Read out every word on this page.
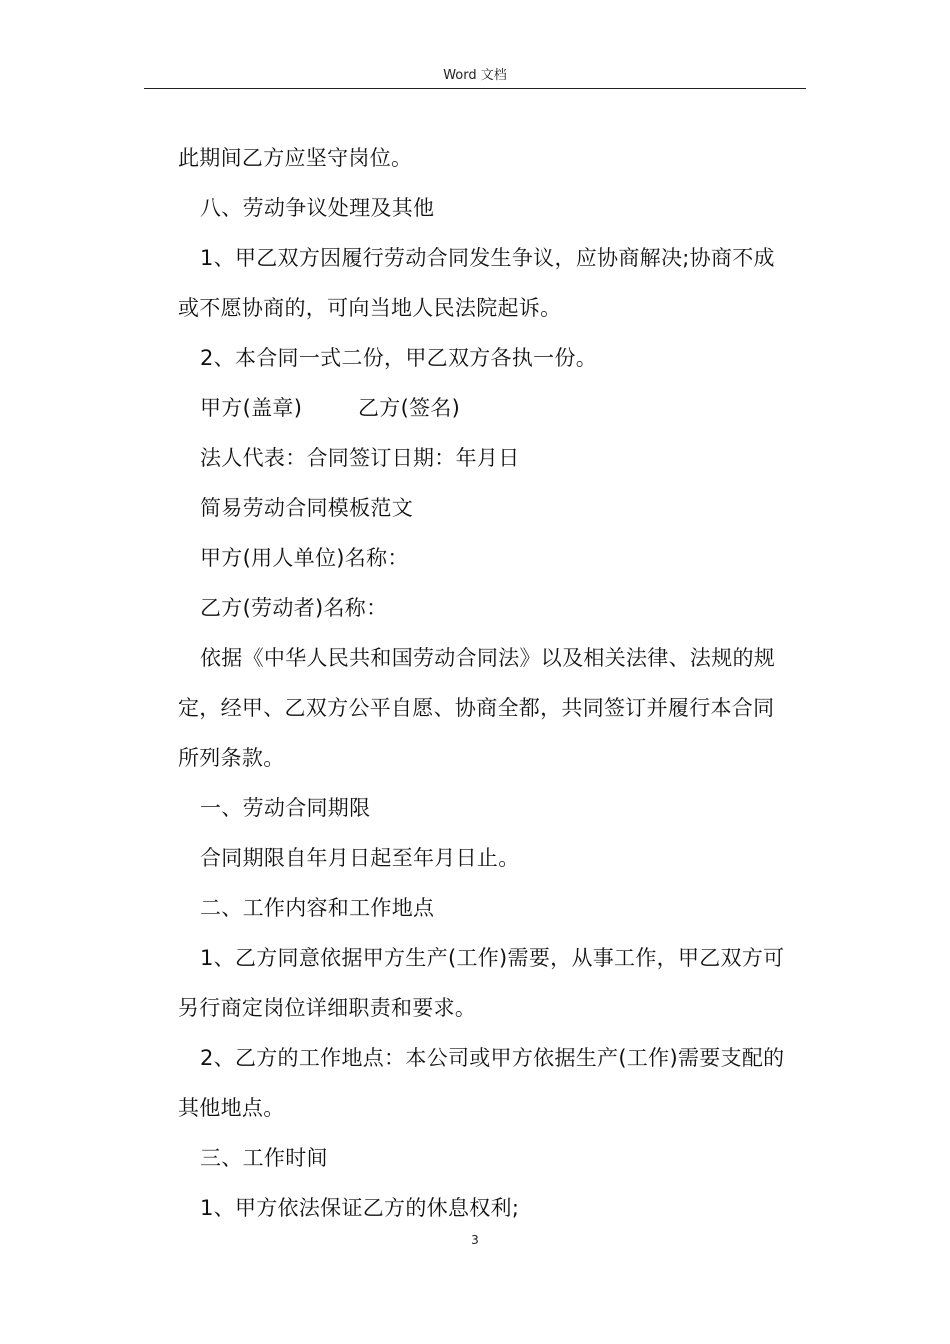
Word 文档

此期间乙方应坚守岗位。

八、劳动争议处理及其他

1、甲乙双方因履行劳动合同发生争议，应协商解决;协商不成

或不愿协商的，可向当地人民法院起诉。

2、本合同一式二份，甲乙双方各执一份。

甲方(盖章)        乙方(签名)

法人代表：合同签订日期：年月日

简易劳动合同模板范文

甲方(用人单位)名称：

乙方(劳动者)名称：

依据《中华人民共和国劳动合同法》以及相关法律、法规的规

定，经甲、乙双方公平自愿、协商全都，共同签订并履行本合同

所列条款。

一、劳动合同期限

合同期限自年月日起至年月日止。

二、工作内容和工作地点

1、乙方同意依据甲方生产(工作)需要，从事工作，甲乙双方可

另行商定岗位详细职责和要求。

2、乙方的工作地点：本公司或甲方依据生产(工作)需要支配的

其他地点。

三、工作时间

1、甲方依法保证乙方的休息权利;

3
